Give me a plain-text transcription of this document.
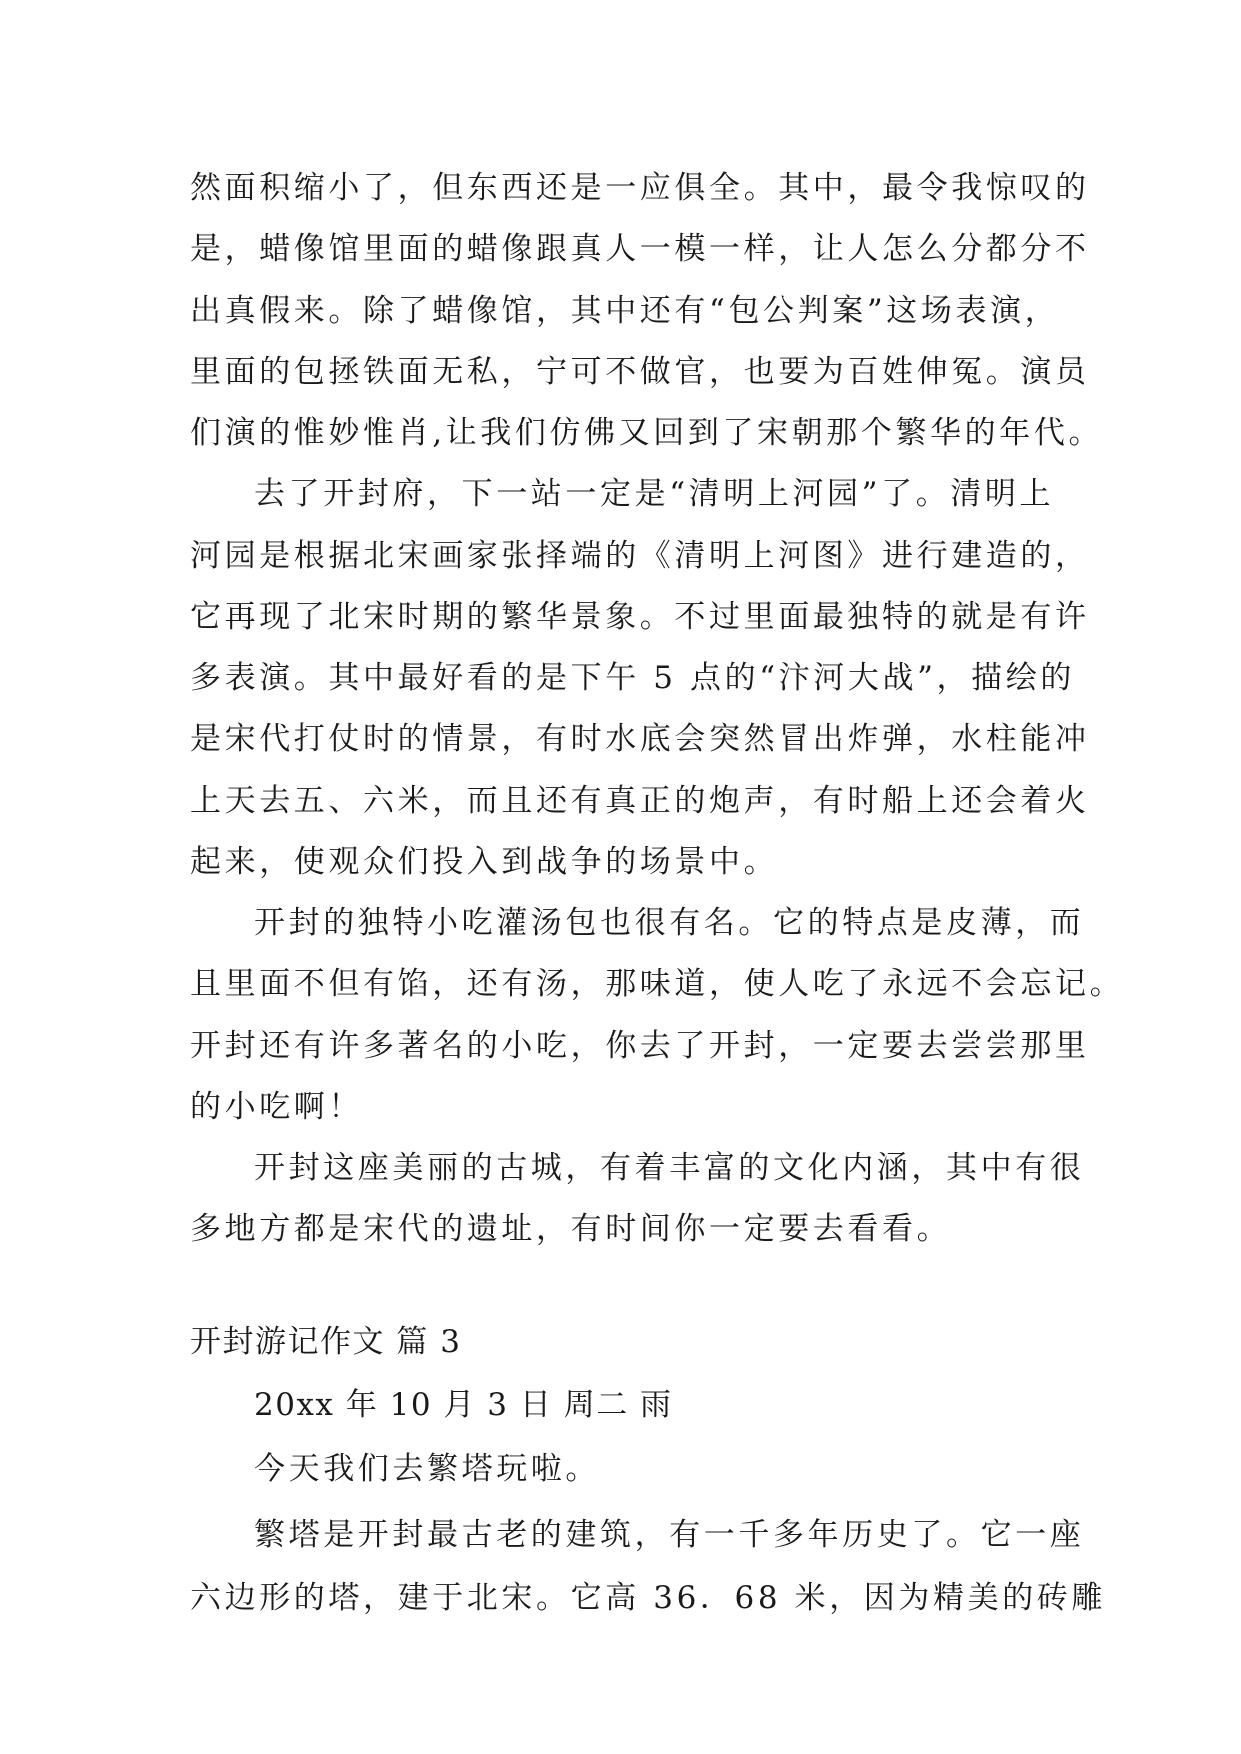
然面积缩小了，但东西还是一应俱全。其中，最令我惊叹的
是，蜡像馆里面的蜡像跟真人一模一样，让人怎么分都分不
出真假来。除了蜡像馆，其中还有“包公判案”这场表演，
里面的包拯铁面无私，宁可不做官，也要为百姓伸冤。演员
们演的惟妙惟肖,让我们仿佛又回到了宋朝那个繁华的年代。
去了开封府，下一站一定是“清明上河园”了。清明上
河园是根据北宋画家张择端的《清明上河图》进行建造的，
它再现了北宋时期的繁华景象。不过里面最独特的就是有许
多表演。其中最好看的是下午 5 点的“汴河大战”，描绘的
是宋代打仗时的情景，有时水底会突然冒出炸弹，水柱能冲
上天去五、六米，而且还有真正的炮声，有时船上还会着火
起来，使观众们投入到战争的场景中。
开封的独特小吃灌汤包也很有名。它的特点是皮薄，而
且里面不但有馅，还有汤，那味道，使人吃了永远不会忘记。
开封还有许多著名的小吃，你去了开封，一定要去尝尝那里
的小吃啊！
开封这座美丽的古城，有着丰富的文化内涵，其中有很
多地方都是宋代的遗址，有时间你一定要去看看。
开封游记作文 篇 3
20xx 年 10 月 3 日 周二 雨
今天我们去繁塔玩啦。
繁塔是开封最古老的建筑，有一千多年历史了。它一座
六边形的塔，建于北宋。它高 36．68 米，因为精美的砖雕
